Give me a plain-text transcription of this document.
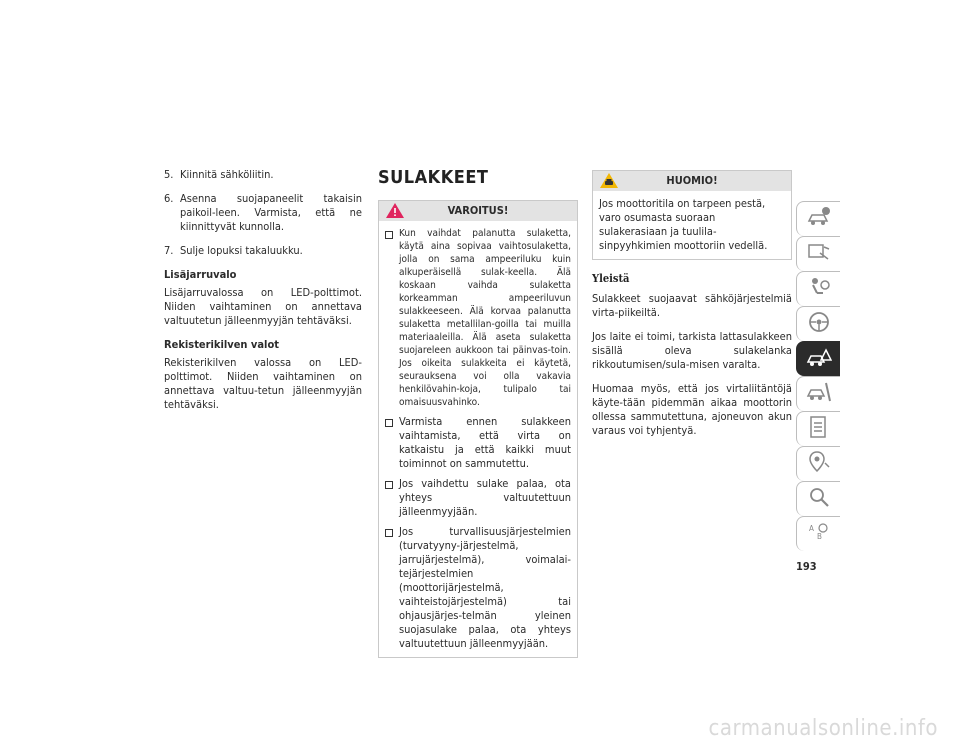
5. Kiinnitä sähköliitin.
6. Asenna suojapaneelit takaisin paikoil-leen. Varmista, että ne kiinnittyvät kunnolla.
7. Sulje lopuksi takaluukku.
Lisäjarruvalo

Lisäjarruvalossa on LED-polttimot. Niiden vaihtaminen on annettava valtuutetun jälleenmyyjän tehtäväksi.

Rekisterikilven valot

Rekisterikilven valossa on LED-polttimot. Niiden vaihtaminen on annettava valtuu-tetun jälleenmyyjän tehtäväksi.

SULAKKEET
VAROITUS!
Kun vaihdat palanutta sulaketta, käytä aina sopivaa vaihtosulaketta, jolla on sama ampeeriluku kuin alkuperäisellä sulak-keella. Älä koskaan vaihda sulaketta korkeamman ampeeriluvun sulakkeeseen. Älä korvaa palanutta sulaketta metallilan-goilla tai muilla materiaaleilla. Älä aseta sulaketta suojareleen aukkoon tai päinvas-toin. Jos oikeita sulakkeita ei käytetä, seurauksena voi olla vakavia henkilövahin-koja, tulipalo tai omaisuusvahinko.
Varmista ennen sulakkeen vaihtamista, että virta on katkaistu ja että kaikki muut toiminnot on sammutettu.
Jos vaihdettu sulake palaa, ota yhteys valtuutettuun jälleenmyyjään.
Jos turvallisuusjärjestelmien (turvatyyny-järjestelmä, jarrujärjestelmä), voimalai-tejärjestelmien (moottorijärjestelmä, vaihteistojärjestelmä) tai ohjausjärjes-telmän yleinen suojasulake palaa, ota yhteys valtuutettuun jälleenmyyjään.
HUOMIO!
Jos moottoritila on tarpeen pestä, varo osumasta suoraan sulakerasiaan ja tuulila-sinpyyhkimien moottoriin vedellä.
Yleistä

Sulakkeet suojaavat sähköjärjestelmiä virta-piikeiltä.

Jos laite ei toimi, tarkista lattasulakkeen sisällä oleva sulakelanka rikkoutumisen/sula-misen varalta.

Huomaa myös, että jos virtaliitäntöjä käyte-tään pidemmän aikaa moottorin ollessa sammutettuna, ajoneuvon akun varaus voi tyhjentyä.

A
B
193
carmanualsonline.info
